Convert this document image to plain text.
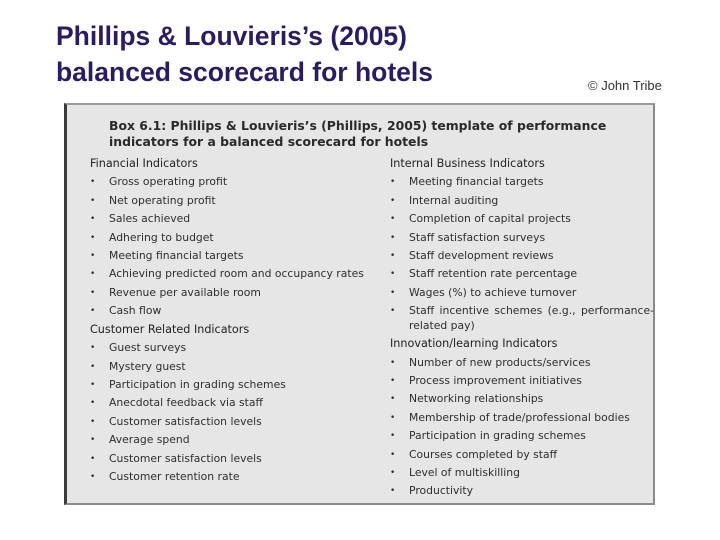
Phillips & Louvieris’s (2005)
balanced scorecard for hotels	© John Tribe
Box 6.1: Phillips & Louvieris’s (Phillips, 2005) template of performance
indicators for a balanced scorecard for hotels
Financial Indicators
• Gross operating profit
• Net operating profit
• Sales achieved
• Adhering to budget
• Meeting financial targets
• Achieving predicted room and occupancy rates
• Revenue per available room
• Cash flow
Customer Related Indicators
• Guest surveys
• Mystery guest
• Participation in grading schemes
• Anecdotal feedback via staff
• Customer satisfaction levels
• Average spend
• Customer satisfaction levels
• Customer retention rate
Internal Business Indicators
• Meeting financial targets
• Internal auditing
• Completion of capital projects
• Staff satisfaction surveys
• Staff development reviews
• Staff retention rate percentage
• Wages (%) to achieve turnover
• Staff incentive schemes (e.g., performance-related pay)
Innovation/learning Indicators
• Number of new products/services
• Process improvement initiatives
• Networking relationships
• Membership of trade/professional bodies
• Participation in grading schemes
• Courses completed by staff
• Level of multiskilling
• Productivity
